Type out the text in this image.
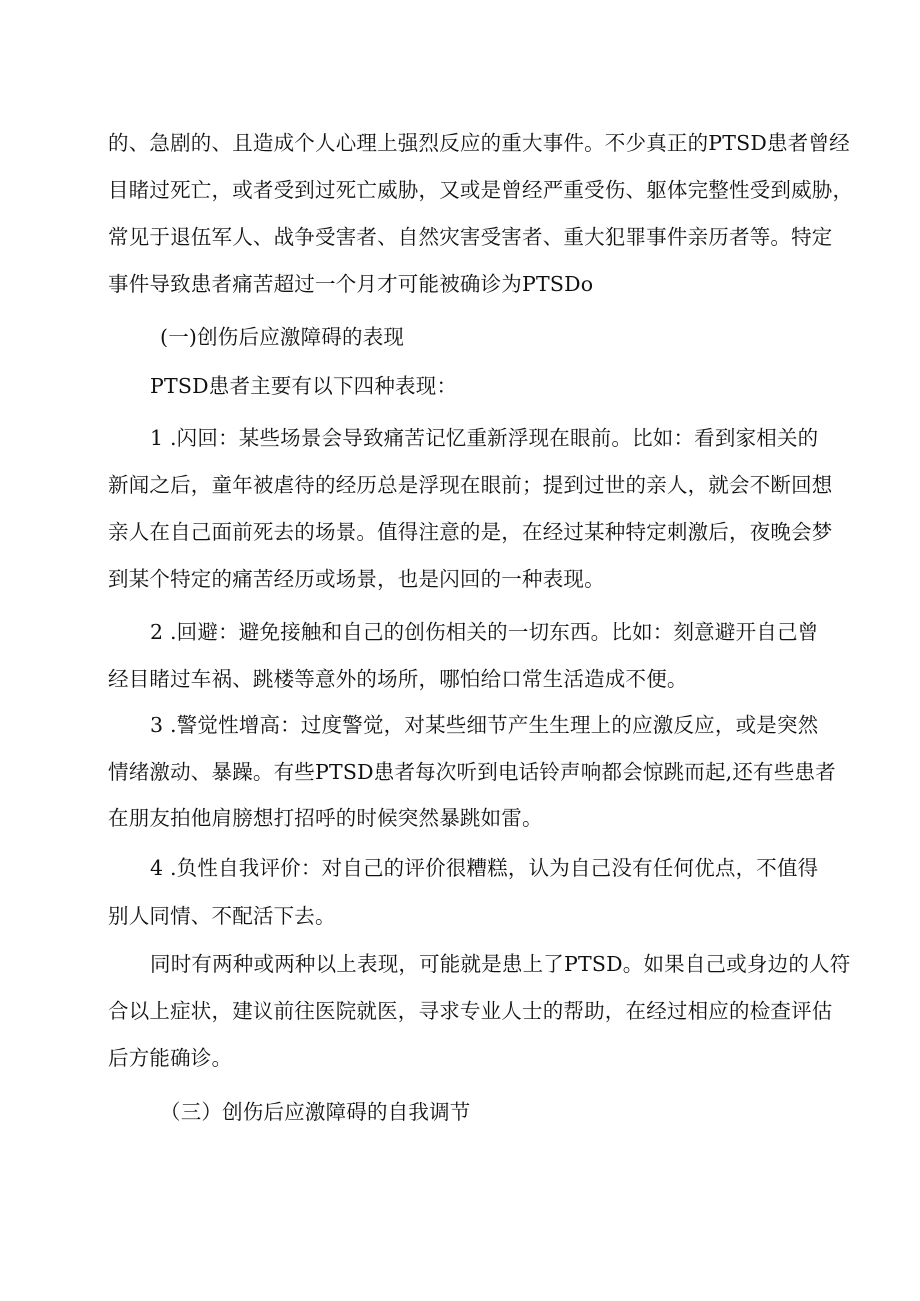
的、急剧的、且造成个人心理上强烈反应的重大事件。不少真正的PTSD患者曾经
目睹过死亡，或者受到过死亡威胁，又或是曾经严重受伤、躯体完整性受到威胁，
常见于退伍军人、战争受害者、自然灾害受害者、重大犯罪事件亲历者等。特定
事件导致患者痛苦超过一个月才可能被确诊为PTSDo
(一)创伤后应激障碍的表现
PTSD患者主要有以下四种表现：
1 .闪回：某些场景会导致痛苦记忆重新浮现在眼前。比如：看到家相关的
新闻之后，童年被虐待的经历总是浮现在眼前；提到过世的亲人，就会不断回想
亲人在自己面前死去的场景。值得注意的是，在经过某种特定刺激后，夜晚会梦
到某个特定的痛苦经历或场景，也是闪回的一种表现。
2 .回避：避免接触和自己的创伤相关的一切东西。比如：刻意避开自己曾
经目睹过车祸、跳楼等意外的场所，哪怕给口常生活造成不便。
3 .警觉性增高：过度警觉，对某些细节产生生理上的应激反应，或是突然
情绪激动、暴躁。有些PTSD患者每次听到电话铃声响都会惊跳而起,还有些患者
在朋友拍他肩膀想打招呼的时候突然暴跳如雷。
4 .负性自我评价：对自己的评价很糟糕，认为自己没有任何优点，不值得
别人同情、不配活下去。
同时有两种或两种以上表现，可能就是患上了PTSD。如果自己或身边的人符
合以上症状，建议前往医院就医，寻求专业人士的帮助，在经过相应的检查评估
后方能确诊。
（三）创伤后应激障碍的自我调节
